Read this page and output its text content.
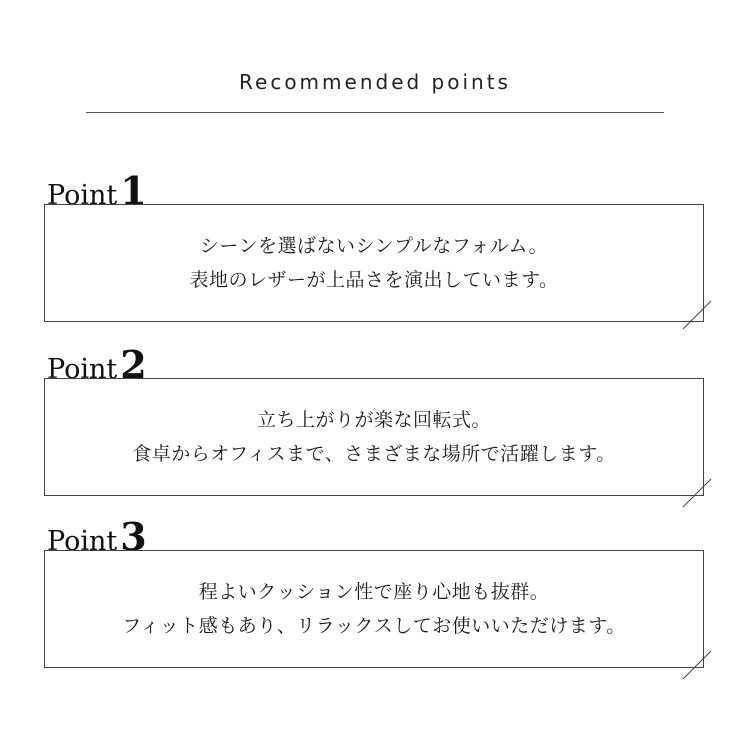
Recommended points
Point1
シーンを選ばないシンプルなフォルム。
表地のレザーが上品さを演出しています。
Point2
立ち上がりが楽な回転式。
食卓からオフィスまで、さまざまな場所で活躍します。
Point3
程よいクッション性で座り心地も抜群。
フィット感もあり、リラックスしてお使いいただけます。
